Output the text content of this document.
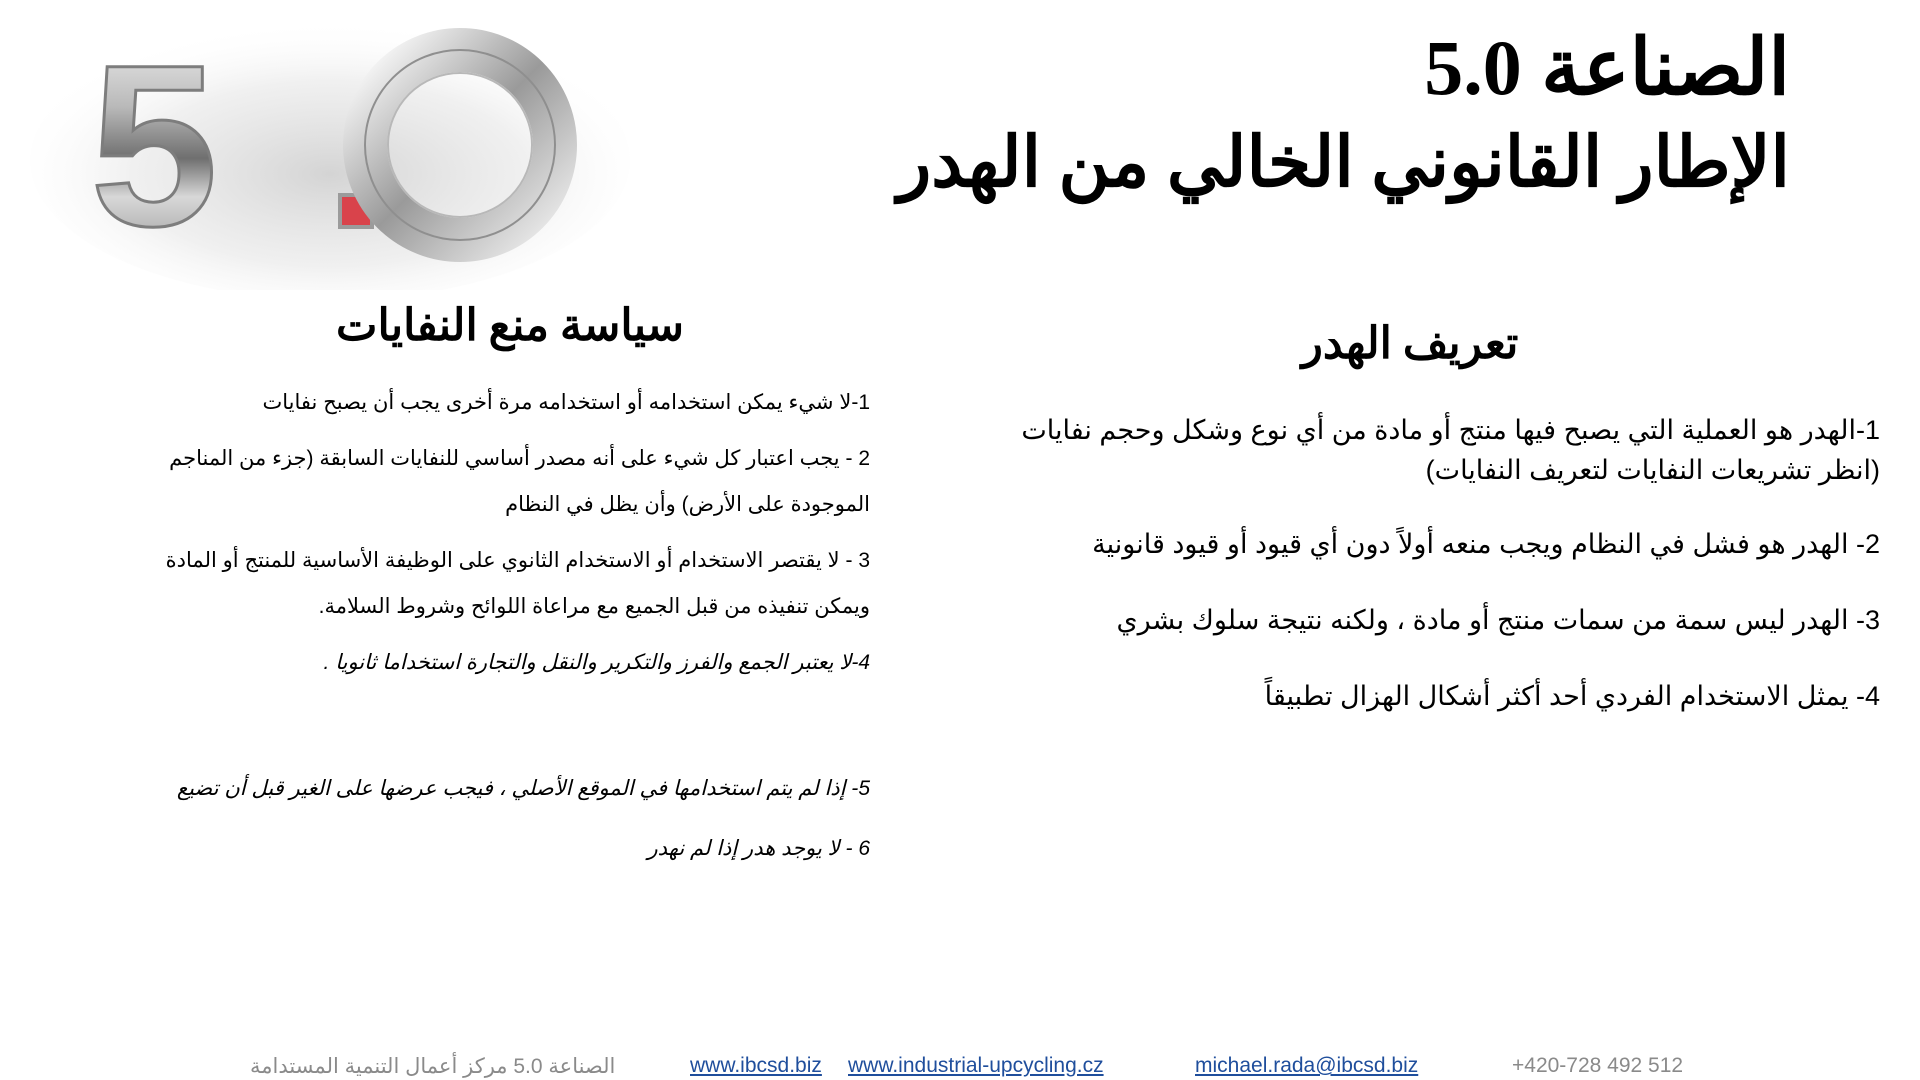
5	الصناعة 5.0

الإطار القانوني الخالي من الهدر

سياسة منع النفايات

1-لا شيء يمكن استخدامه أو استخدامه مرة أخرى يجب أن يصبح نفايات

2 - يجب اعتبار كل شيء على أنه مصدر أساسي للنفايات السابقة (جزء من المناجم الموجودة على الأرض) وأن يظل في النظام

3 - لا يقتصر الاستخدام أو الاستخدام الثانوي على الوظيفة الأساسية للمنتج أو المادة ويمكن تنفيذه من قبل الجميع مع مراعاة اللوائح وشروط السلامة.

4-لا يعتبر الجمع والفرز والتكرير والنقل والتجارة استخداما ثانويا .

5- إذا لم يتم استخدامها في الموقع الأصلي ، فيجب عرضها على الغير قبل أن تضيع

6 - لا يوجد هدر إذا لم نهدر

تعريف الهدر

1-الهدر هو العملية التي يصبح فيها منتج أو مادة من أي نوع وشكل وحجم نفايات (انظر تشريعات النفايات لتعريف النفايات)

2- الهدر هو فشل في النظام ويجب منعه أولاً دون أي قيود أو قيود قانونية

3- الهدر ليس سمة من سمات منتج أو مادة ، ولكنه نتيجة سلوك بشري

4- يمثل الاستخدام الفردي أحد أكثر أشكال الهزال تطبيقاً

الصناعة 5.0 مركز أعمال التنمية المستدامة	www.ibcsd.biz www.industrial-upcycling.cz	michael.rada@ibcsd.biz	+420-728 492 512
